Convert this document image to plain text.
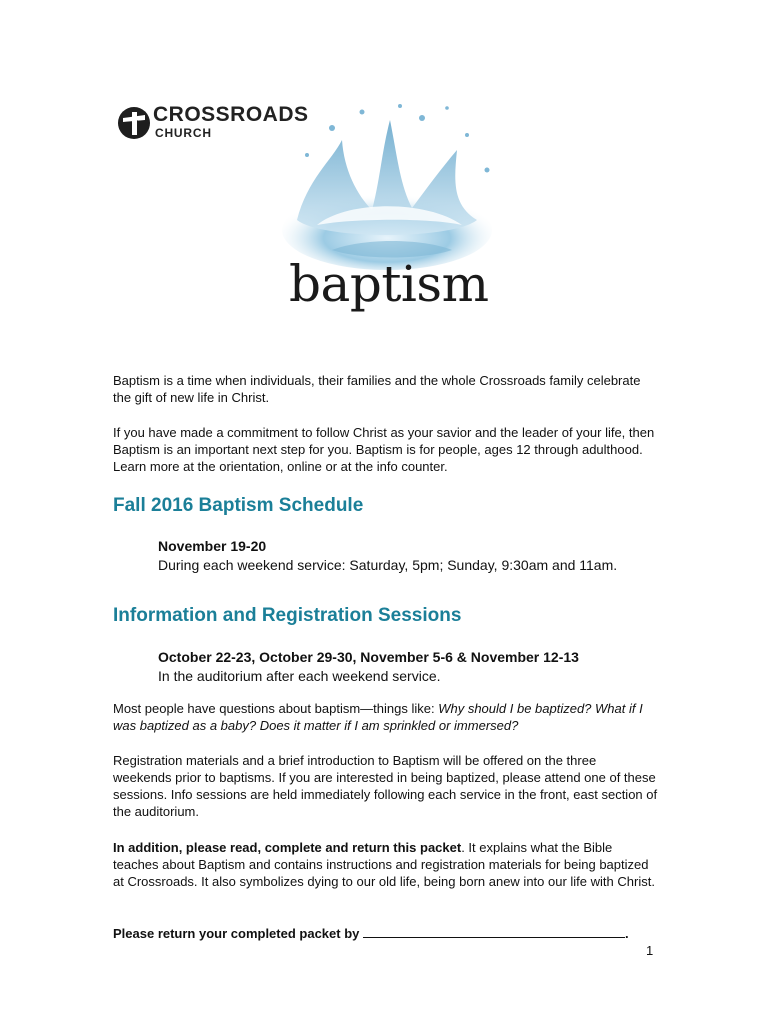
CROSSROADS
CHURCH
baptism

Baptism is a time when individuals, their families and the whole Crossroads family celebrate the gift of new life in Christ.

If you have made a commitment to follow Christ as your savior and the leader of your life, then Baptism is an important next step for you. Baptism is for people, ages 12 through adulthood. Learn more at the orientation, online or at the info counter.

Fall 2016 Baptism Schedule

November 19-20

During each weekend service: Saturday, 5pm; Sunday, 9:30am and 11am.

Information and Registration Sessions

October 22-23, October 29-30, November 5-6 & November 12-13

In the auditorium after each weekend service.

Most people have questions about baptism—things like: Why should I be baptized? What if I was baptized as a baby? Does it matter if I am sprinkled or immersed?

Registration materials and a brief introduction to Baptism will be offered on the three weekends prior to baptisms. If you are interested in being baptized, please attend one of these sessions. Info sessions are held immediately following each service in the front, east section of the auditorium.

In addition, please read, complete and return this packet. It explains what the Bible teaches about Baptism and contains instructions and registration materials for being baptized at Crossroads. It also symbolizes dying to our old life, being born anew into our life with Christ.

Please return your completed packet by	.

1
